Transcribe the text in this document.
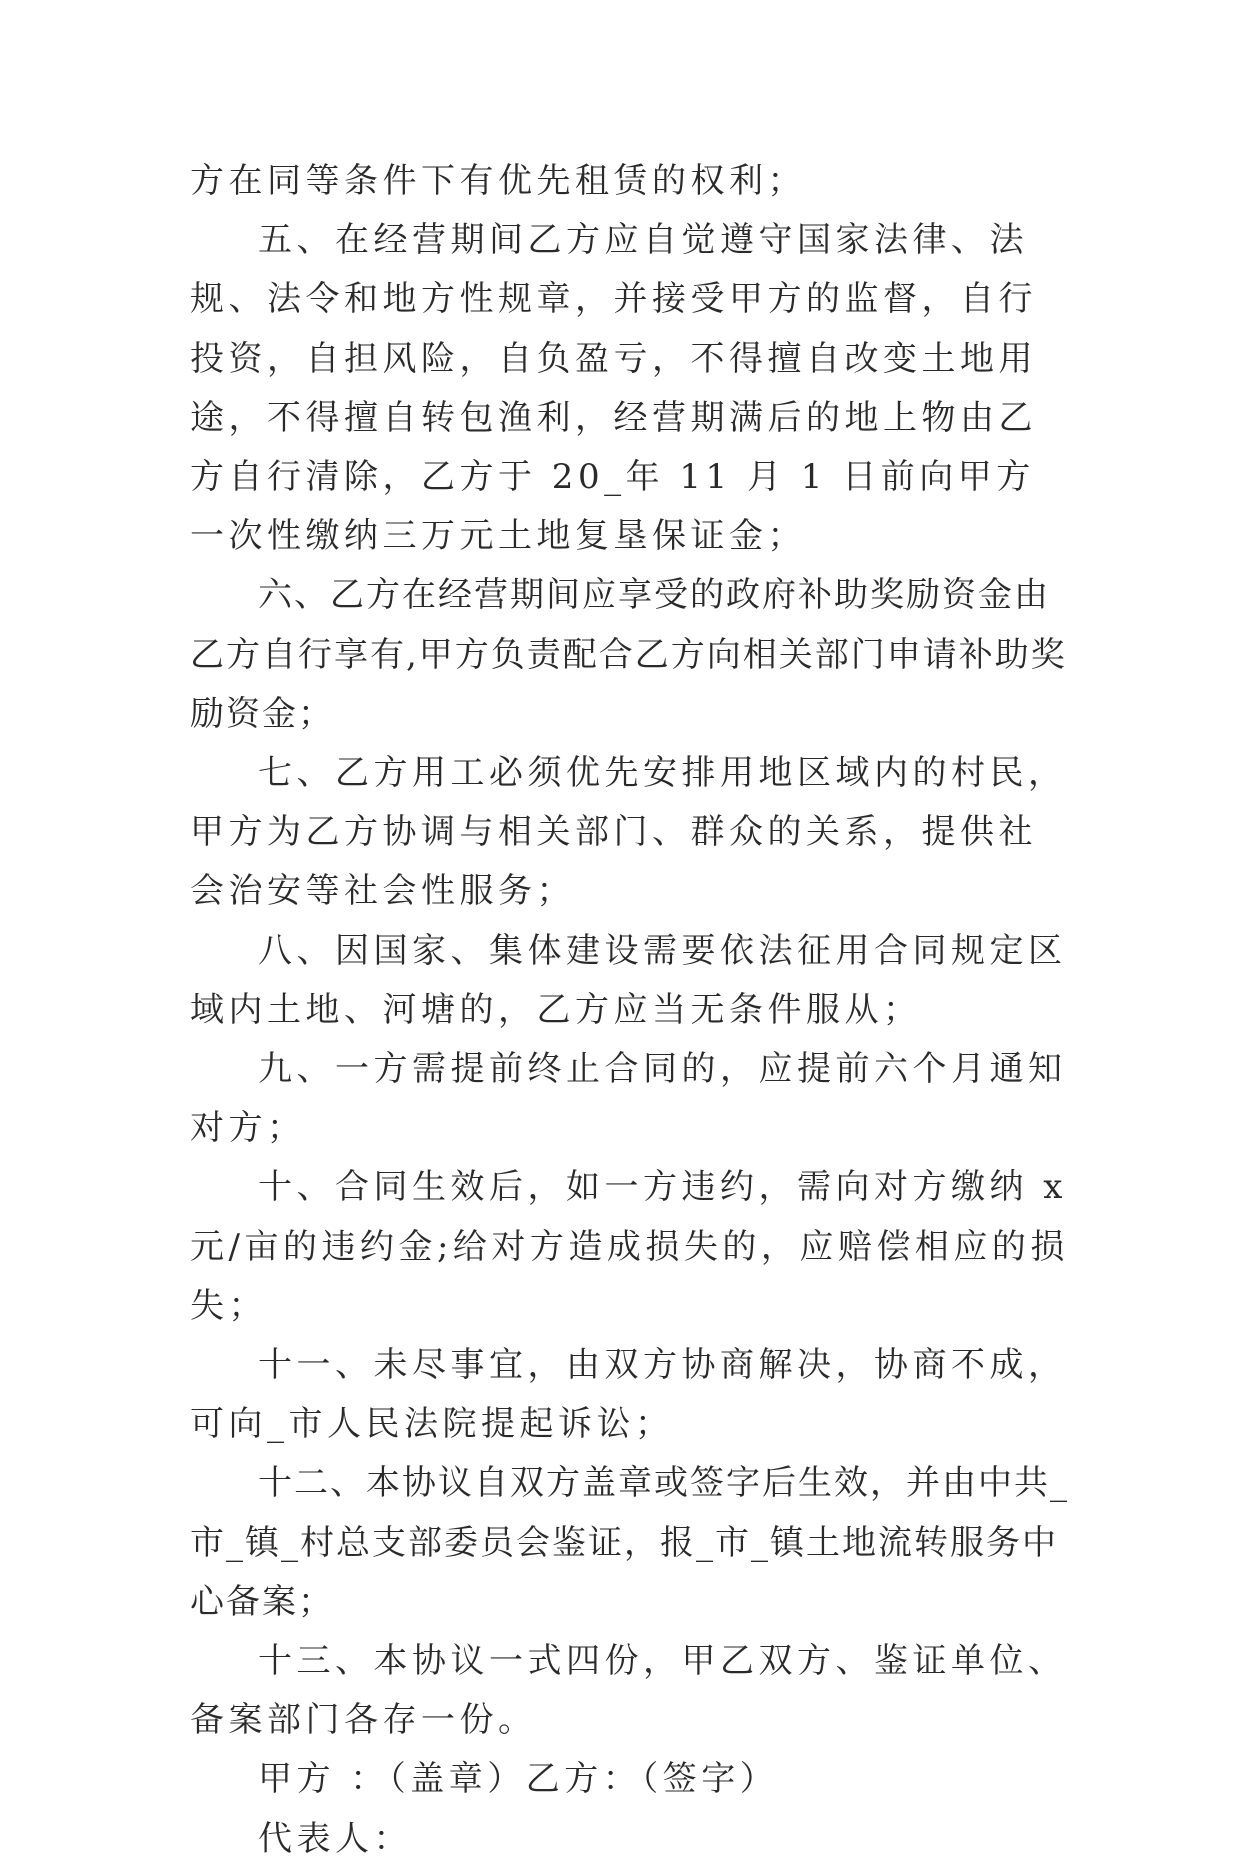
方在同等条件下有优先租赁的权利；

五、在经营期间乙方应自觉遵守国家法律、法规、法令和地方性规章，并接受甲方的监督，自行投资，自担风险，自负盈亏，不得擅自改变土地用途，不得擅自转包渔利，经营期满后的地上物由乙方自行清除，乙方于 20_年 11 月 1 日前向甲方一次性缴纳三万元土地复垦保证金；

六、乙方在经营期间应享受的政府补助奖励资金由乙方自行享有,甲方负责配合乙方向相关部门申请补助奖励资金；

七、乙方用工必须优先安排用地区域内的村民，甲方为乙方协调与相关部门、群众的关系，提供社会治安等社会性服务；

八、因国家、集体建设需要依法征用合同规定区域内土地、河塘的，乙方应当无条件服从；

九、一方需提前终止合同的，应提前六个月通知对方；

十、合同生效后，如一方违约，需向对方缴纳 x 元/亩的违约金;给对方造成损失的，应赔偿相应的损失；

十一、未尽事宜，由双方协商解决，协商不成，可向_市人民法院提起诉讼；

十二、本协议自双方盖章或签字后生效，并由中共_市_镇_村总支部委员会鉴证，报_市_镇土地流转服务中心备案；

十三、本协议一式四份，甲乙双方、鉴证单位、备案部门各存一份。

甲方 ：（盖章）乙方：（签字）

代表人：
